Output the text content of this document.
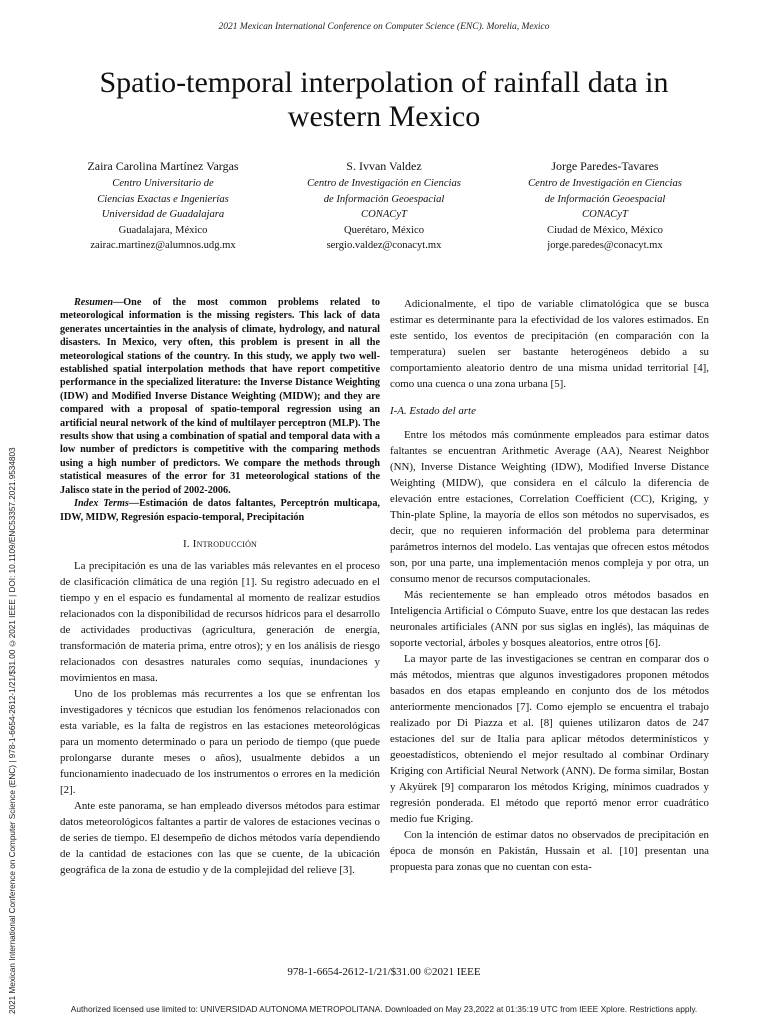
2021 Mexican International Conference on Computer Science (ENC). Morelia, Mexico
2021 Mexican International Conference on Computer Science (ENC) | 978-1-6654-2612-1/21/$31.00 ©2021 IEEE | DOI: 10.1109/ENC53357.2021.9534803
Spatio-temporal interpolation of rainfall data in western Mexico
Zaira Carolina Martínez Vargas
Centro Universitario de
Ciencias Exactas e Ingenierías
Universidad de Guadalajara
Guadalajara, México
zairac.martinez@alumnos.udg.mx
S. Ivvan Valdez
Centro de Investigación en Ciencias
de Información Geoespacial
CONACyT
Querétaro, México
sergio.valdez@conacyt.mx
Jorge Paredes-Tavares
Centro de Investigación en Ciencias
de Información Geoespacial
CONACyT
Ciudad de México, México
jorge.paredes@conacyt.mx

Resumen—One of the most common problems related to meteorological information is the missing registers. This lack of data generates uncertainties in the analysis of climate, hydrology, and natural disasters. In Mexico, very often, this problem is present in all the meteorological stations of the country. In this study, we apply two well-established spatial interpolation methods that have report competitive performance in the specialized literature: the Inverse Distance Weighting (IDW) and Modified Inverse Distance Weighting (MIDW); and they are compared with a proposal of spatio-temporal regression using an artificial neural network of the kind of multilayer perceptron (MLP). The results show that using a combination of spatial and temporal data with a low number of predictors is competitive with the comparing methods using a high number of predictors. We compare the methods through statistical measures of the error for 31 meteorological stations of the Jalisco state in the period of 2002-2006.

Index Terms—Estimación de datos faltantes, Perceptrón multicapa, IDW, MIDW, Regresión espacio-temporal, Precipitación

I. Introducción

La precipitación es una de las variables más relevantes en el proceso de clasificación climática de una región [1]. Su registro adecuado en el tiempo y en el espacio es fundamental al momento de realizar estudios relacionados con la disponibilidad de recursos hídricos para el desarrollo de actividades productivas (agricultura, generación de energía, transformación de materia prima, entre otros); y en los análisis de riesgo relacionados con desastres naturales como sequías, inundaciones y movimientos en masa.

Uno de los problemas más recurrentes a los que se enfrentan los investigadores y técnicos que estudian los fenómenos relacionados con esta variable, es la falta de registros en las estaciones meteorológicas para un momento determinado o para un periodo de tiempo (que puede prolongarse durante meses o años), usualmente debidos a un funcionamiento inadecuado de los instrumentos o errores en la medición [2].

Ante este panorama, se han empleado diversos métodos para estimar datos meteorológicos faltantes a partir de valores de estaciones vecinas o de series de tiempo. El desempeño de dichos métodos varía dependiendo de la cantidad de estaciones con las que se cuente, de la ubicación geográfica de la zona de estudio y de la complejidad del relieve [3].

Adicionalmente, el tipo de variable climatológica que se busca estimar es determinante para la efectividad de los valores estimados. En este sentido, los eventos de precipitación (en comparación con la temperatura) suelen ser bastante heterogéneos debido a su comportamiento aleatorio dentro de una misma unidad territorial [4], como una cuenca o una zona urbana [5].

I-A. Estado del arte

Entre los métodos más comúnmente empleados para estimar datos faltantes se encuentran Arithmetic Average (AA), Nearest Neighbor (NN), Inverse Distance Weighting (IDW), Modified Inverse Distance Weighting (MIDW), que considera en el cálculo la diferencia de elevación entre estaciones, Correlation Coefficient (CC), Kriging, y Thin-plate Spline, la mayoría de ellos son métodos no supervisados, es decir, que no requieren información del problema para determinar parámetros internos del modelo. Las ventajas que ofrecen estos métodos son, por una parte, una implementación menos compleja y por otra, un consumo menor de recursos computacionales.

Más recientemente se han empleado otros métodos basados en Inteligencia Artificial o Cómputo Suave, entre los que destacan las redes neuronales artificiales (ANN por sus siglas en inglés), las máquinas de soporte vectorial, árboles y bosques aleatorios, entre otros [6].

La mayor parte de las investigaciones se centran en comparar dos o más métodos, mientras que algunos investigadores proponen métodos basados en dos etapas empleando en conjunto dos de los métodos anteriormente mencionados [7]. Como ejemplo se encuentra el trabajo realizado por Di Piazza et al. [8] quienes utilizaron datos de 247 estaciones del sur de Italia para aplicar métodos determinísticos y geoestadísticos, obteniendo el mejor resultado al combinar Ordinary Kriging con Artificial Neural Network (ANN). De forma similar, Bostan y Akyürek [9] compararon los métodos Kriging, mínimos cuadrados y regresión ponderada. El método que reportó menor error cuadrático medio fue Kriging.

Con la intención de estimar datos no observados de precipitación en época de monsón en Pakistán, Hussain et al. [10] presentan una propuesta para zonas que no cuentan con esta-

978-1-6654-2612-1/21/$31.00 ©2021 IEEE
Authorized licensed use limited to: UNIVERSIDAD AUTONOMA METROPOLITANA. Downloaded on May 23,2022 at 01:35:19 UTC from IEEE Xplore. Restrictions apply.
